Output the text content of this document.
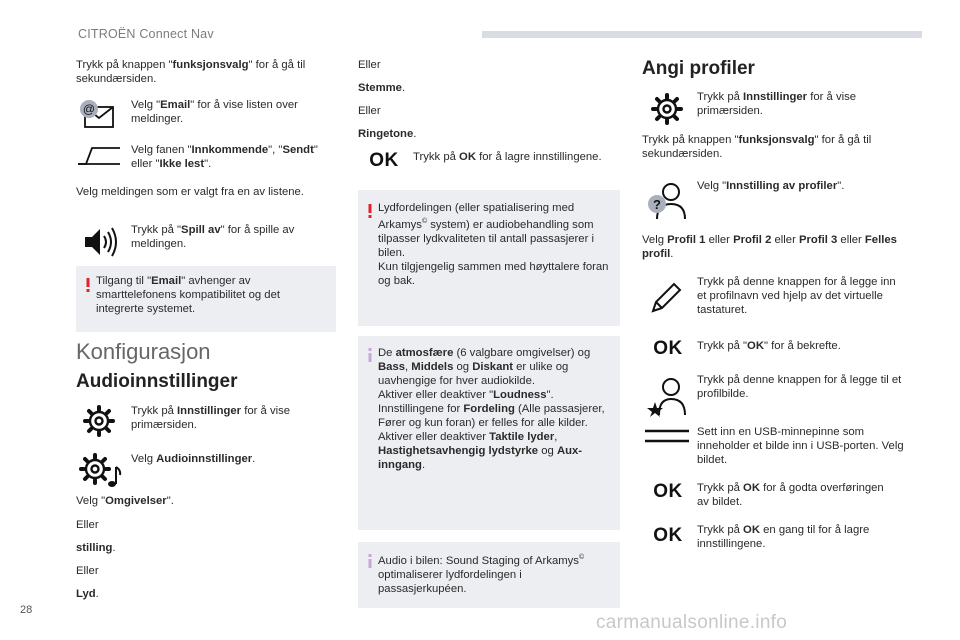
CITROËN Connect Nav
Trykk på knappen "funksjonsvalg" for å gå til sekundærsiden.
@	Velg "Email" for å vise listen over meldinger.
Velg fanen "Innkommende", "Sendt" eller "Ikke lest".
Velg meldingen som er valgt fra en av listene.
Trykk på "Spill av" for å spille av meldingen.
Tilgang til "Email" avhenger av smarttelefonens kompatibilitet og det integrerte systemet.
Konfigurasjon
Audioinnstillinger
Trykk på Innstillinger for å vise primærsiden.
Velg Audioinnstillinger.
Velg "Omgivelser".
Eller
stilling.
Eller
Lyd.
Eller
Stemme.
Eller
Ringetone.
OK Trykk på OK for å lagre innstillingene.
Lydfordelingen (eller spatialisering med Arkamys© system) er audiobehandling som tilpasser lydkvaliteten til antall passasjerer i bilen.
Kun tilgjengelig sammen med høyttalere foran og bak.
De atmosfære (6 valgbare omgivelser) og Bass, Middels og Diskant er ulike og uavhengige for hver audiokilde.
Aktiver eller deaktiver "Loudness".
Innstillingene for Fordeling (Alle passasjerer, Fører og kun foran) er felles for alle kilder.
Aktiver eller deaktiver Taktile lyder,
Hastighetsavhengig lydstyrke og Aux-inngang.
Audio i bilen: Sound Staging of Arkamys© optimaliserer lydfordelingen i passasjerkupéen.
Angi profiler
Trykk på Innstillinger for å vise primærsiden.
Trykk på knappen "funksjonsvalg" for å gå til sekundærsiden.
?
Velg "Innstilling av profiler".
Velg Profil 1 eller Profil 2 eller Profil 3 eller Felles profil.
Trykk på denne knappen for å legge inn et profilnavn ved hjelp av det virtuelle tastaturet.
OK Trykk på "OK" for å bekrefte.
Trykk på denne knappen for å legge til et profilbilde.
Sett inn en USB-minnepinne som inneholder et bilde inn i USB-porten. Velg bildet.
OK Trykk på OK for å godta overføringen av bildet.
OK Trykk på OK en gang til for å lagre innstillingene.
28
carmanualsonline.info
